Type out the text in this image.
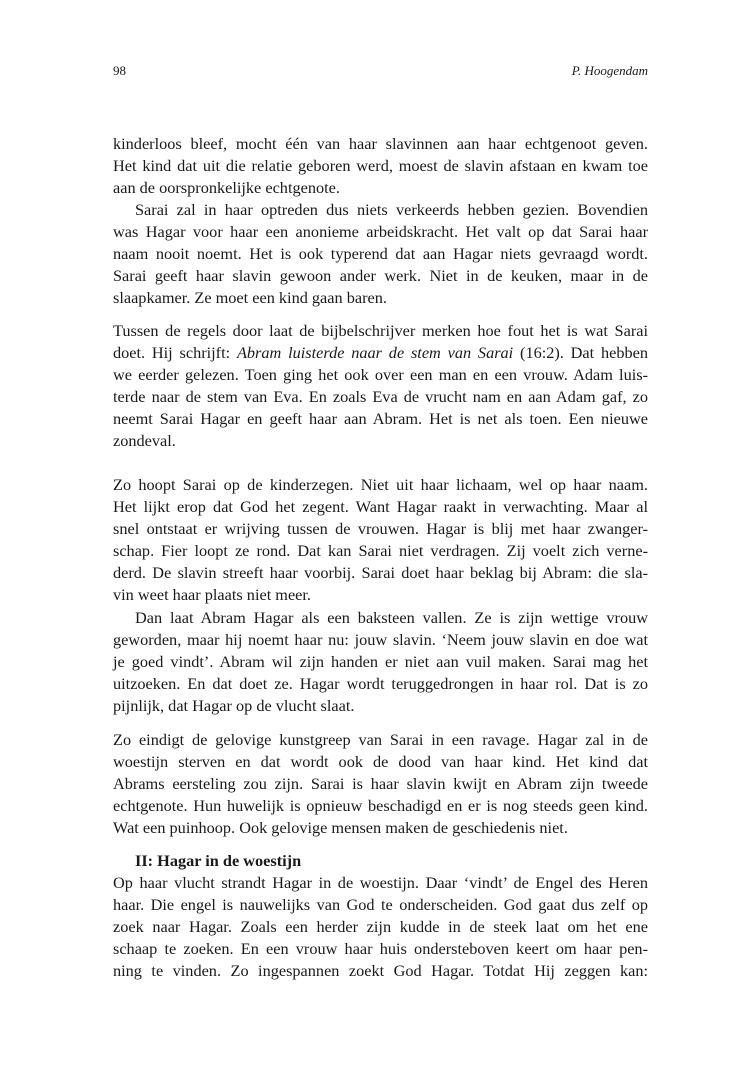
98	P. Hoogendam
kinderloos bleef, mocht één van haar slavinnen aan haar echtgenoot geven.
Het kind dat uit die relatie geboren werd, moest de slavin afstaan en kwam toe
aan de oorspronkelijke echtgenote.
Sarai zal in haar optreden dus niets verkeerds hebben gezien. Bovendien
was Hagar voor haar een anonieme arbeidskracht. Het valt op dat Sarai haar
naam nooit noemt. Het is ook typerend dat aan Hagar niets gevraagd wordt.
Sarai geeft haar slavin gewoon ander werk. Niet in de keuken, maar in de
slaapkamer. Ze moet een kind gaan baren.
Tussen de regels door laat de bijbelschrijver merken hoe fout het is wat Sarai
doet. Hij schrijft: Abram luisterde naar de stem van Sarai (16:2). Dat hebben
we eerder gelezen. Toen ging het ook over een man en een vrouw. Adam luis-
terde naar de stem van Eva. En zoals Eva de vrucht nam en aan Adam gaf, zo
neemt Sarai Hagar en geeft haar aan Abram. Het is net als toen. Een nieuwe
zondeval.
Zo hoopt Sarai op de kinderzegen. Niet uit haar lichaam, wel op haar naam.
Het lijkt erop dat God het zegent. Want Hagar raakt in verwachting. Maar al
snel ontstaat er wrijving tussen de vrouwen. Hagar is blij met haar zwanger-
schap. Fier loopt ze rond. Dat kan Sarai niet verdragen. Zij voelt zich verne-
derd. De slavin streeft haar voorbij. Sarai doet haar beklag bij Abram: die sla-
vin weet haar plaats niet meer.
Dan laat Abram Hagar als een baksteen vallen. Ze is zijn wettige vrouw
geworden, maar hij noemt haar nu: jouw slavin. ‘Neem jouw slavin en doe wat
je goed vindt’. Abram wil zijn handen er niet aan vuil maken. Sarai mag het
uitzoeken. En dat doet ze. Hagar wordt teruggedrongen in haar rol. Dat is zo
pijnlijk, dat Hagar op de vlucht slaat.
Zo eindigt de gelovige kunstgreep van Sarai in een ravage. Hagar zal in de
woestijn sterven en dat wordt ook de dood van haar kind. Het kind dat
Abrams eersteling zou zijn. Sarai is haar slavin kwijt en Abram zijn tweede
echtgenote. Hun huwelijk is opnieuw beschadigd en er is nog steeds geen kind.
Wat een puinhoop. Ook gelovige mensen maken de geschiedenis niet.
II: Hagar in de woestijn
Op haar vlucht strandt Hagar in de woestijn. Daar ‘vindt’ de Engel des Heren
haar. Die engel is nauwelijks van God te onderscheiden. God gaat dus zelf op
zoek naar Hagar. Zoals een herder zijn kudde in de steek laat om het ene
schaap te zoeken. En een vrouw haar huis ondersteboven keert om haar pen-
ning te vinden. Zo ingespannen zoekt God Hagar. Totdat Hij zeggen kan:
